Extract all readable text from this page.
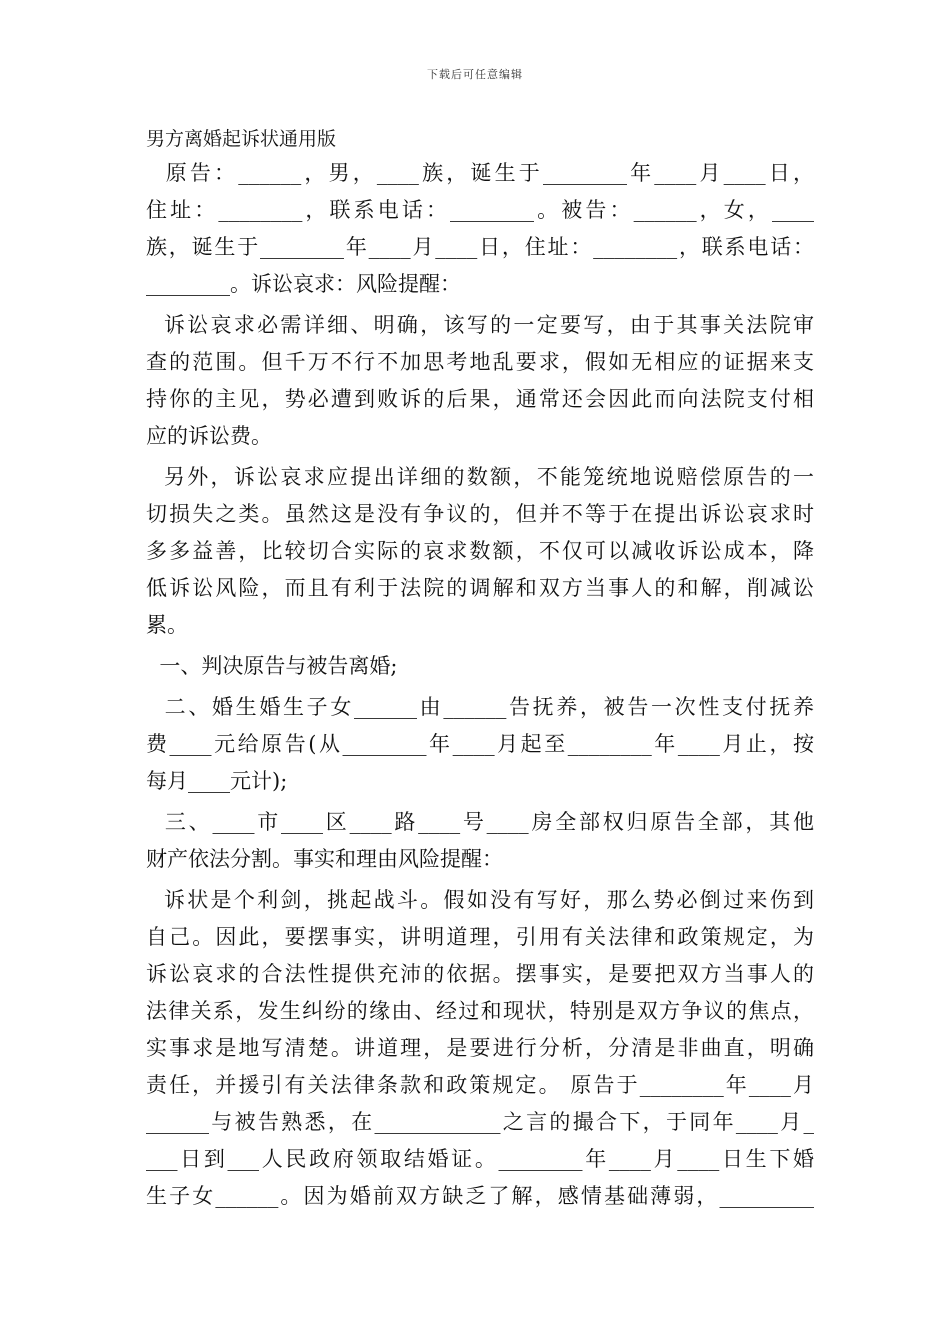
下载后可任意编辑
男方离婚起诉状通用版
原告：______，男，____族，诞生于________年____月____日，
住址：________，联系电话：________。被告：______，女，____
族，诞生于________年____月____日，住址：________，联系电话：
________。诉讼哀求：风险提醒：
诉讼哀求必需详细、明确，该写的一定要写，由于其事关法院审
查的范围。但千万不行不加思考地乱要求，假如无相应的证据来支
持你的主见，势必遭到败诉的后果，通常还会因此而向法院支付相
应的诉讼费。
另外，诉讼哀求应提出详细的数额，不能笼统地说赔偿原告的一
切损失之类。虽然这是没有争议的，但并不等于在提出诉讼哀求时
多多益善，比较切合实际的哀求数额，不仅可以减收诉讼成本，降
低诉讼风险，而且有利于法院的调解和双方当事人的和解，削减讼
累。
一、判决原告与被告离婚;
二、婚生婚生子女______由______告抚养，被告一次性支付抚养
费____元给原告(从________年____月起至________年____月止，按
每月____元计);
三、____市____区____路____号____房全部权归原告全部，其他
财产依法分割。事实和理由风险提醒：
诉状是个利剑，挑起战斗。假如没有写好，那么势必倒过来伤到
自己。因此，要摆事实，讲明道理，引用有关法律和政策规定，为
诉讼哀求的合法性提供充沛的依据。摆事实，是要把双方当事人的
法律关系，发生纠纷的缘由、经过和现状，特别是双方争议的焦点，
实事求是地写清楚。讲道理，是要进行分析，分清是非曲直，明确
责任，并援引有关法律条款和政策规定。 原告于________年____月
______与被告熟悉，在____________之言的撮合下，于同年____月_
___日到___人民政府领取结婚证。________年____月____日生下婚
生子女______。因为婚前双方缺乏了解，感情基础薄弱，_________
